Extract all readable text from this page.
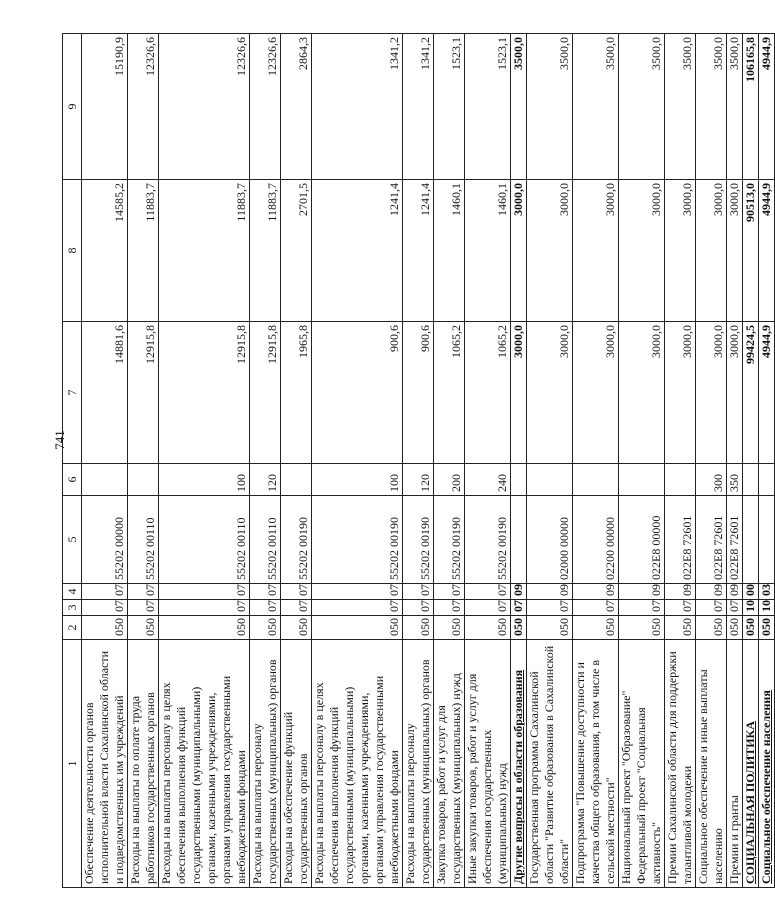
741
1	2	3	4	5	6	7	8	9
Обеспечение деятельности органов исполнительной власти Сахалинской области и подведомственных им учреждений	050	07	07	55202 00000		14881,6	14585,2	15190,9
Расходы на выплаты по оплате труда работников государственных органов	050	07	07	55202 00110		12915,8	11883,7	12326,6
Расходы на выплаты персоналу в целях обеспечения выполнения функций государственными (муниципальными) органами, казенными учреждениями, органами управления государственными внебюджетными фондами	050	07	07	55202 00110	100	12915,8	11883,7	12326,6
Расходы на выплаты персоналу государственных (муниципальных) органов	050	07	07	55202 00110	120	12915,8	11883,7	12326,6
Расходы на обеспечение функций государственных органов	050	07	07	55202 00190		1965,8	2701,5	2864,3
Расходы на выплаты персоналу в целях обеспечения выполнения функций государственными (муниципальными) органами, казенными учреждениями, органами управления государственными внебюджетными фондами	050	07	07	55202 00190	100	900,6	1241,4	1341,2
Расходы на выплаты персоналу государственных (муниципальных) органов	050	07	07	55202 00190	120	900,6	1241,4	1341,2
Закупка товаров, работ и услуг для государственных (муниципальных) нужд	050	07	07	55202 00190	200	1065,2	1460,1	1523,1
Иные закупки товаров, работ и услуг для обеспечения государственных (муниципальных) нужд	050	07	07	55202 00190	240	1065,2	1460,1	1523,1
Другие вопросы в области образования	050	07	09			3000,0	3000,0	3500,0
Государственная программа Сахалинской области "Развитие образования в Сахалинской области"	050	07	09	02000 00000		3000,0	3000,0	3500,0
Подпрограмма "Повышение доступности и качества общего образования, в том числе в сельской местности"	050	07	09	02200 00000		3000,0	3000,0	3500,0
Национальный проект "Образование" Федеральный проект "Социальная активность"	050	07	09	022E8 00000		3000,0	3000,0	3500,0
Премии Сахалинской области для поддержки талантливой молодежи	050	07	09	022E8 72601		3000,0	3000,0	3500,0
Социальное обеспечение и иные выплаты населению	050	07	09	022E8 72601	300	3000,0	3000,0	3500,0
Премии и гранты	050	07	09	022E8 72601	350	3000,0	3000,0	3500,0
СОЦИАЛЬНАЯ ПОЛИТИКА	050	10	00			99424,5	90513,0	106165,8
Социальное обеспечение населения	050	10	03			4944,9	4944,9	4944,9
